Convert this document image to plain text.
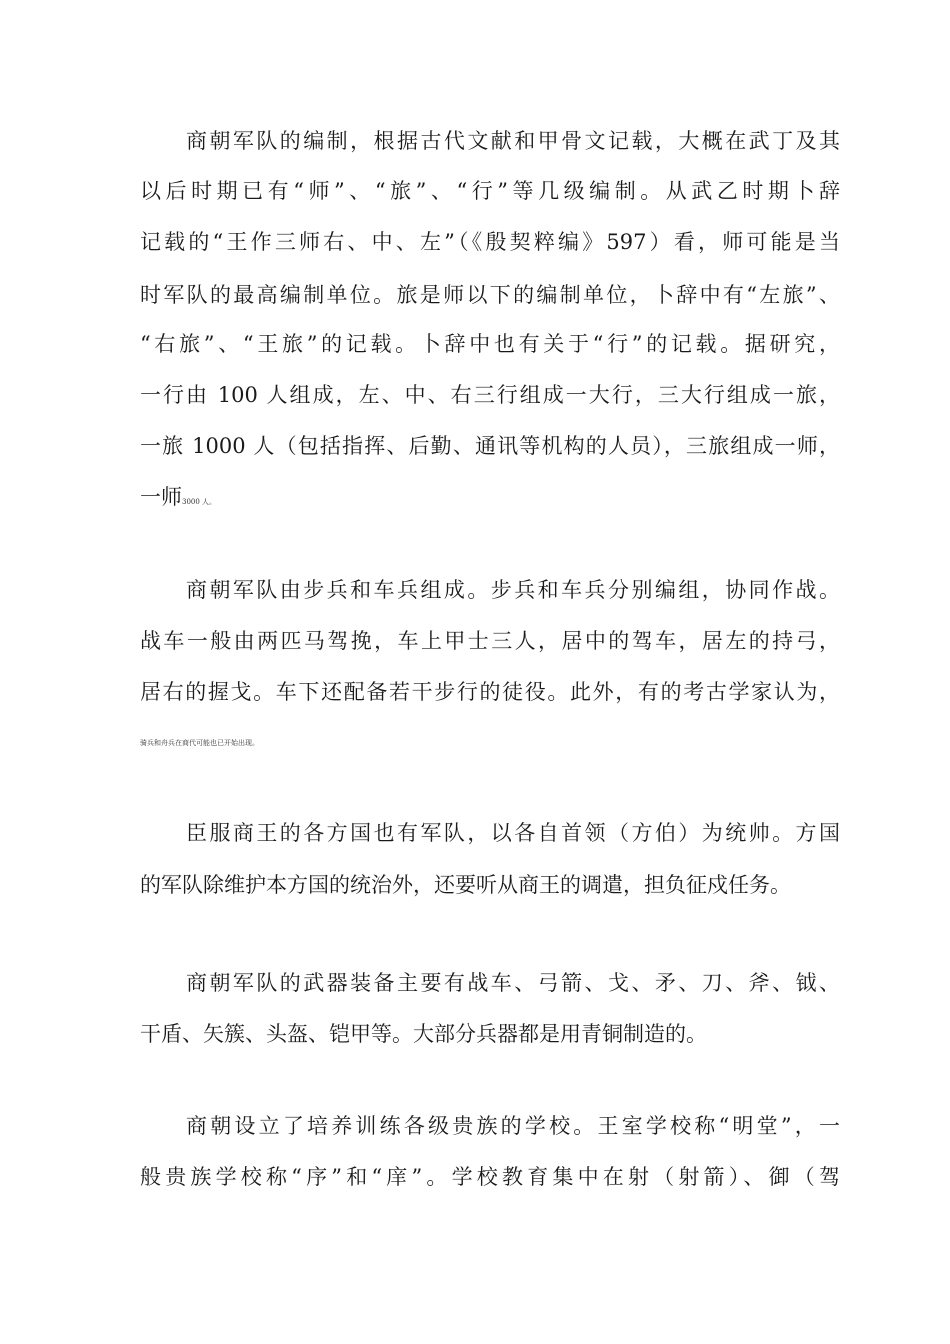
商朝军队的编制，根据古代文献和甲骨文记载，大概在武丁及其
以后时期已有“师”、“旅”、“行”等几级编制。从武乙时期卜辞
记载的“王作三师右、中、左”（《殷契粹编》597）看，师可能是当
时军队的最高编制单位。旅是师以下的编制单位，卜辞中有“左旅”、
“右旅”、“王旅”的记载。卜辞中也有关于“行”的记载。据研究，
一行由 100 人组成，左、中、右三行组成一大行，三大行组成一旅，
一旅 1000 人（包括指挥、后勤、通讯等机构的人员），三旅组成一师，
一师3000 人。
商朝军队由步兵和车兵组成。步兵和车兵分别编组，协同作战。
战车一般由两匹马驾挽，车上甲士三人，居中的驾车，居左的持弓，
居右的握戈。车下还配备若干步行的徒役。此外，有的考古学家认为，
骑兵和舟兵在商代可能也已开始出现。
臣服商王的各方国也有军队，以各自首领（方伯）为统帅。方国
的军队除维护本方国的统治外，还要听从商王的调遣，担负征戍任务。
商朝军队的武器装备主要有战车、弓箭、戈、矛、刀、斧、钺、
干盾、矢簇、头盔、铠甲等。大部分兵器都是用青铜制造的。
商朝设立了培养训练各级贵族的学校。王室学校称“明堂”，一
般贵族学校称“序”和“庠”。学校教育集中在射（射箭）、御（驾
